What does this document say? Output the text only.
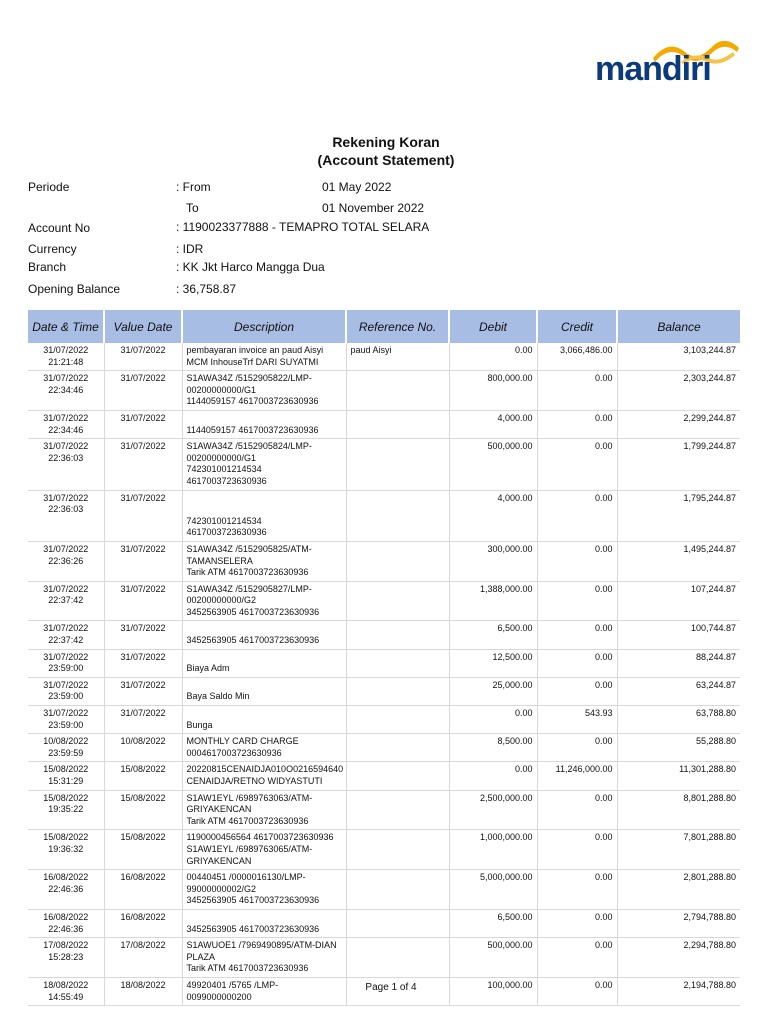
mandiri
Rekening Koran
(Account Statement)
Periode	: From	01 May 2022
To	01 November 2022
Account No	: 1190023377888 - TEMAPRO TOTAL SELARA
Currency	: IDR
Branch	: KK Jkt Harco Mangga Dua
Opening Balance	: 36,758.87
Date & Time	Value Date	Description	Reference No.	Debit	Credit	Balance
31/07/2022
21:21:48	31/07/2022	pembayaran invoice an paud Aisyi
MCM InhouseTrf DARI SUYATMI	paud Aisyi	0.00	3,066,486.00	3,103,244.87
31/07/2022
22:34:46	31/07/2022	S1AWA34Z /5152905822/LMP-
00200000000/G1
1144059157 4617003723630936		800,000.00	0.00	2,303,244.87
31/07/2022
22:34:46	31/07/2022	
1144059157 4617003723630936		4,000.00	0.00	2,299,244.87
31/07/2022
22:36:03	31/07/2022	S1AWA34Z /5152905824/LMP-
00200000000/G1
742301001214534
4617003723630936		500,000.00	0.00	1,799,244.87
31/07/2022
22:36:03	31/07/2022	

742301001214534
4617003723630936		4,000.00	0.00	1,795,244.87
31/07/2022
22:36:26	31/07/2022	S1AWA34Z /5152905825/ATM-
TAMANSELERA
Tarik ATM 4617003723630936		300,000.00	0.00	1,495,244.87
31/07/2022
22:37:42	31/07/2022	S1AWA34Z /5152905827/LMP-
00200000000/G2
3452563905 4617003723630936		1,388,000.00	0.00	107,244.87
31/07/2022
22:37:42	31/07/2022	
3452563905 4617003723630936		6,500.00	0.00	100,744.87
31/07/2022
23:59:00	31/07/2022	
Biaya Adm		12,500.00	0.00	88,244.87
31/07/2022
23:59:00	31/07/2022	
Baya Saldo Min		25,000.00	0.00	63,244.87
31/07/2022
23:59:00	31/07/2022	
Bunga		0.00	543.93	63,788.80
10/08/2022
23:59:59	10/08/2022	MONTHLY CARD CHARGE
0004617003723630936		8,500.00	0.00	55,288.80
15/08/2022
15:31:29	15/08/2022	20220815CENAIDJA010O0216594640
CENAIDJA/RETNO WIDYASTUTI		0.00	11,246,000.00	11,301,288.80
15/08/2022
19:35:22	15/08/2022	S1AW1EYL /6989763063/ATM-
GRIYAKENCAN
Tarik ATM 4617003723630936		2,500,000.00	0.00	8,801,288.80
15/08/2022
19:36:32	15/08/2022	1190000456564 4617003723630936
S1AW1EYL /6989763065/ATM-
GRIYAKENCAN		1,000,000.00	0.00	7,801,288.80
16/08/2022
22:46:36	16/08/2022	00440451 /0000016130/LMP-
99000000002/G2
3452563905 4617003723630936		5,000,000.00	0.00	2,801,288.80
16/08/2022
22:46:36	16/08/2022	
3452563905 4617003723630936		6,500.00	0.00	2,794,788.80
17/08/2022
15:28:23	17/08/2022	S1AWUOE1 /7969490895/ATM-DIAN
PLAZA
Tarik ATM 4617003723630936		500,000.00	0.00	2,294,788.80
18/08/2022
14:55:49	18/08/2022	49920401 /5765 /LMP-
0099000000200		100,000.00	0.00	2,194,788.80
Page 1 of 4
